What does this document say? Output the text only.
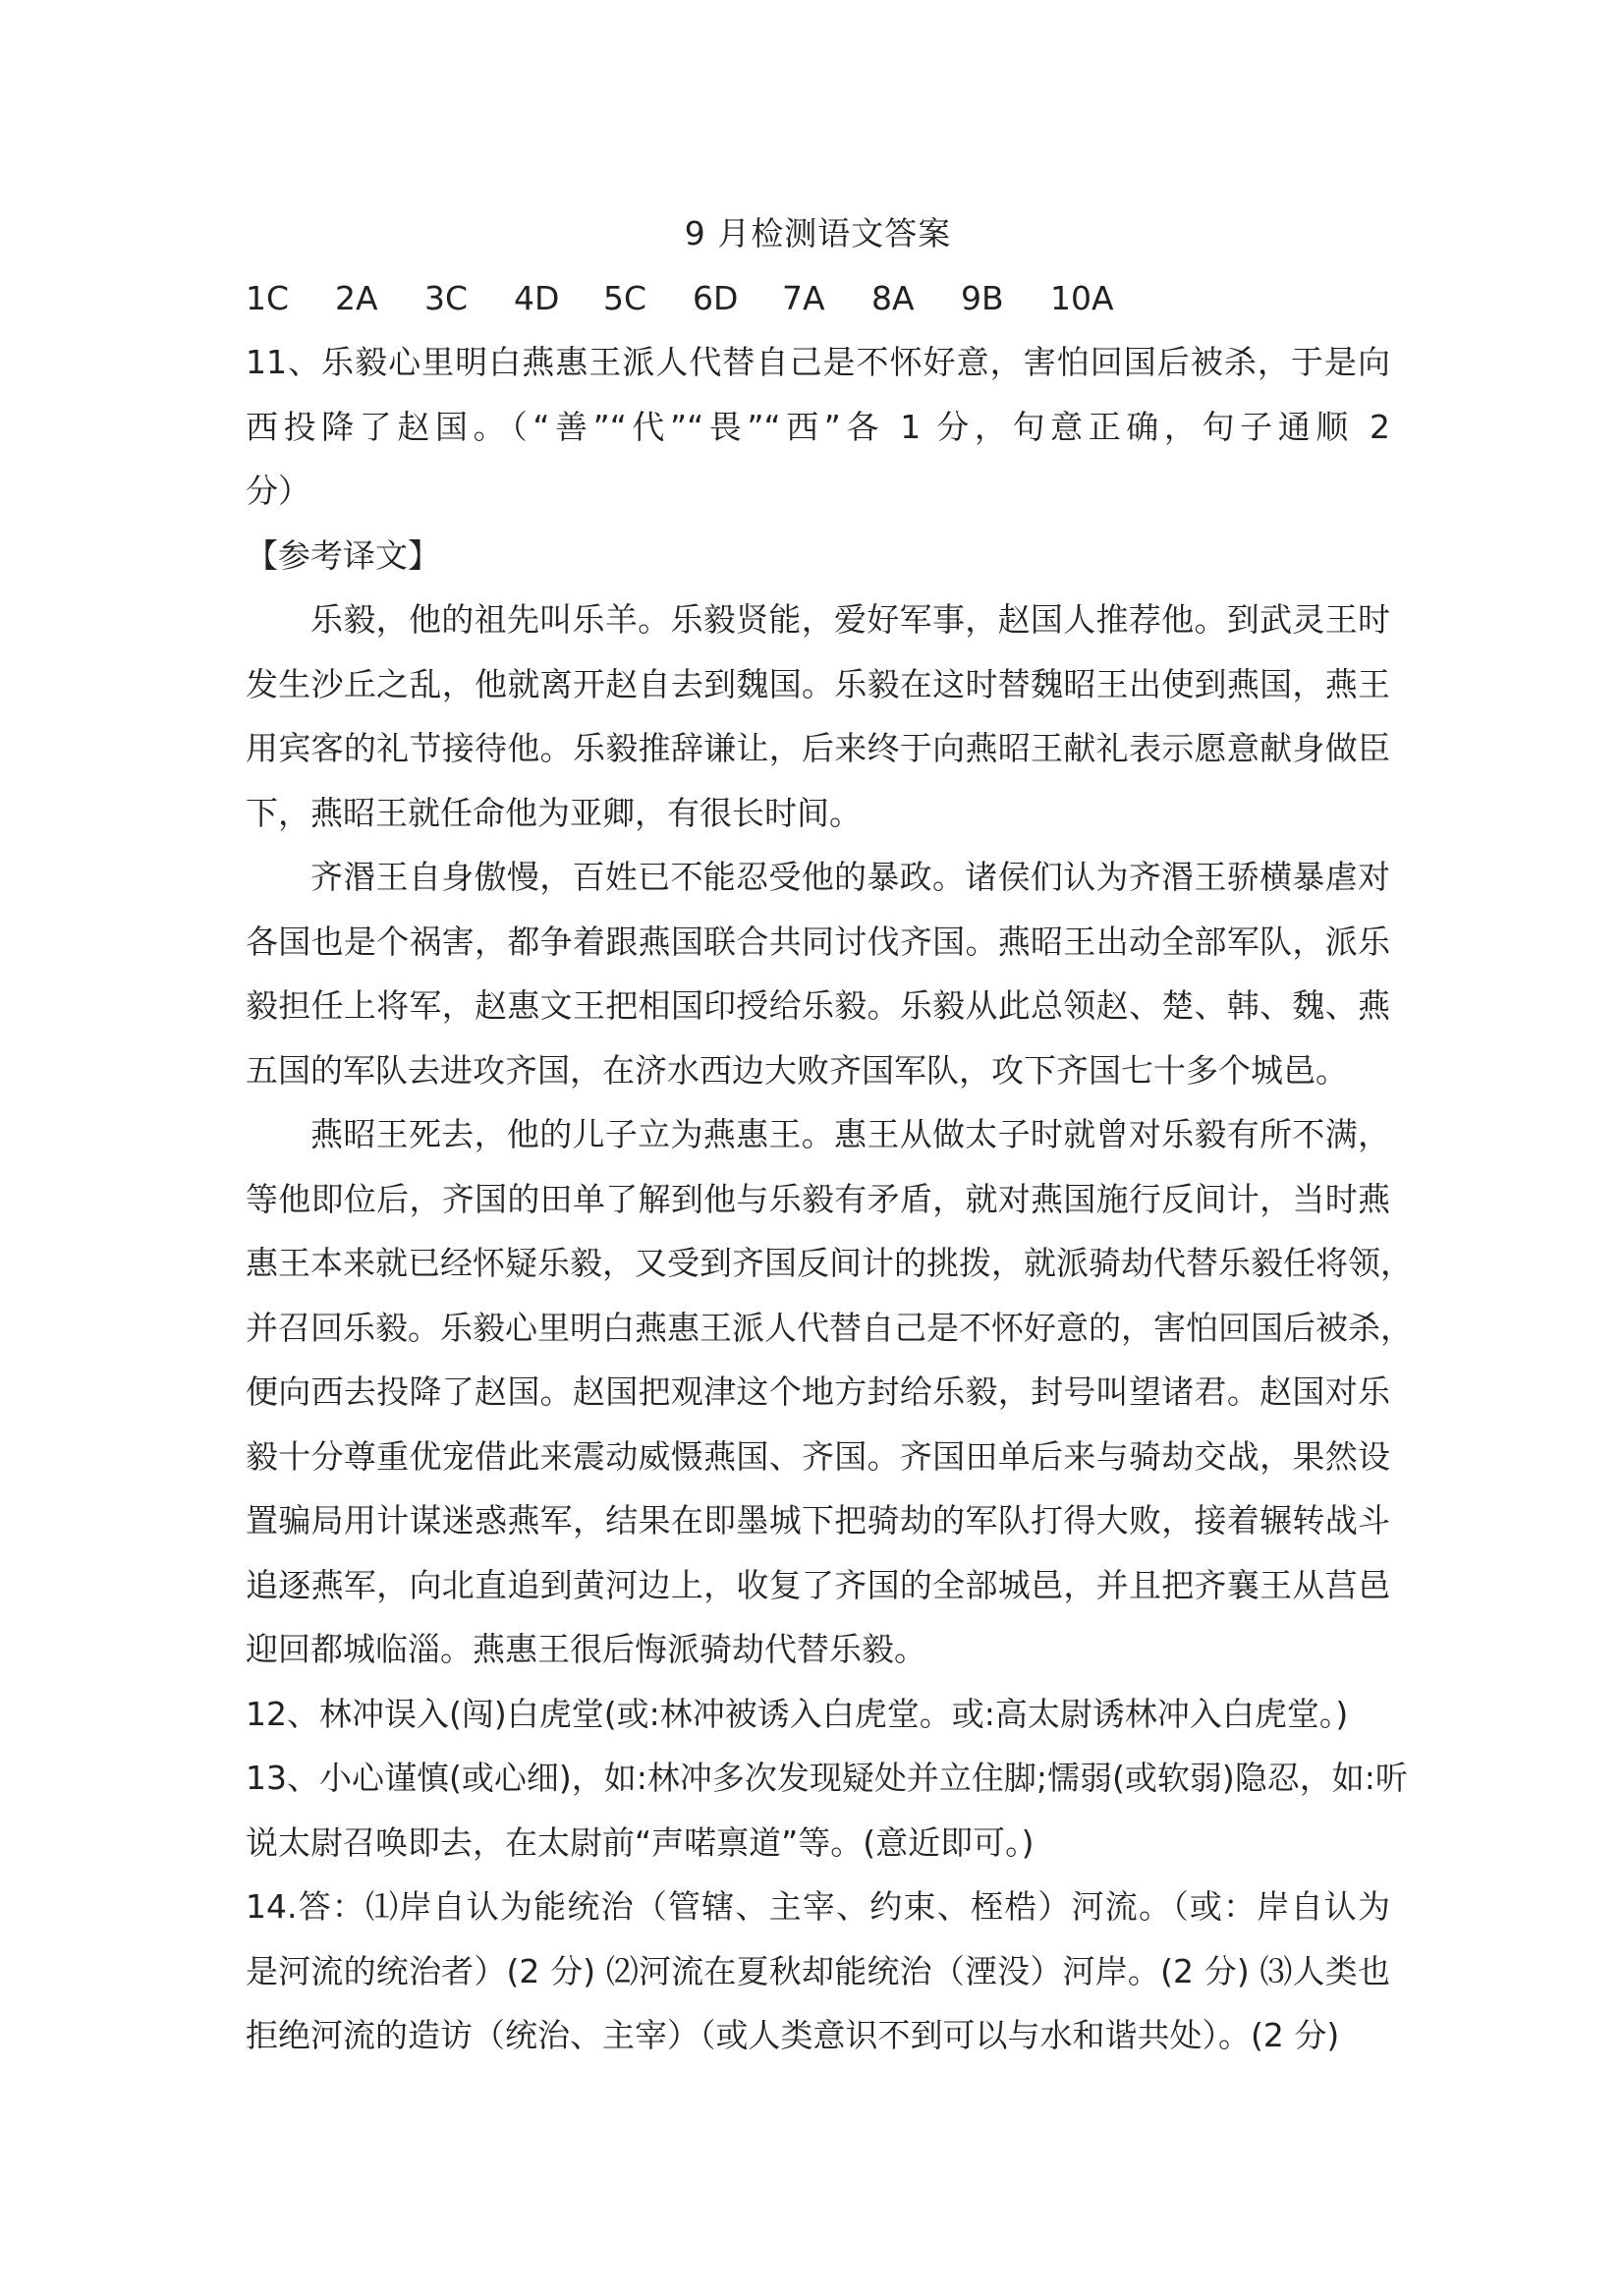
9 月检测语文答案
1C	2A	3C	4D	5C	6D	7A	8A	9B	10A
11、乐毅心里明白燕惠王派人代替自己是不怀好意，害怕回国后被杀，于是向
西投降了赵国。（“善”“代”“畏”“西”各 1 分，句意正确，句子通顺 2
分）
【参考译文】
乐毅，他的祖先叫乐羊。乐毅贤能，爱好军事，赵国人推荐他。到武灵王时
发生沙丘之乱，他就离开赵自去到魏国。乐毅在这时替魏昭王出使到燕国，燕王
用宾客的礼节接待他。乐毅推辞谦让，后来终于向燕昭王献礼表示愿意献身做臣
下，燕昭王就任命他为亚卿，有很长时间。
齐湣王自身傲慢，百姓已不能忍受他的暴政。诸侯们认为齐湣王骄横暴虐对
各国也是个祸害，都争着跟燕国联合共同讨伐齐国。燕昭王出动全部军队，派乐
毅担任上将军，赵惠文王把相国印授给乐毅。乐毅从此总领赵、楚、韩、魏、燕
五国的军队去进攻齐国，在济水西边大败齐国军队，攻下齐国七十多个城邑。
燕昭王死去，他的儿子立为燕惠王。惠王从做太子时就曾对乐毅有所不满，
等他即位后，齐国的田单了解到他与乐毅有矛盾，就对燕国施行反间计，当时燕
惠王本来就已经怀疑乐毅，又受到齐国反间计的挑拨，就派骑劫代替乐毅任将领，
并召回乐毅。乐毅心里明白燕惠王派人代替自己是不怀好意的，害怕回国后被杀，
便向西去投降了赵国。赵国把观津这个地方封给乐毅，封号叫望诸君。赵国对乐
毅十分尊重优宠借此来震动威慑燕国、齐国。齐国田单后来与骑劫交战，果然设
置骗局用计谋迷惑燕军，结果在即墨城下把骑劫的军队打得大败，接着辗转战斗
追逐燕军，向北直追到黄河边上，收复了齐国的全部城邑，并且把齐襄王从莒邑
迎回都城临淄。燕惠王很后悔派骑劫代替乐毅。
12、林冲误入(闯)白虎堂(或:林冲被诱入白虎堂。或:高太尉诱林冲入白虎堂。)
13、小心谨慎(或心细)，如:林冲多次发现疑处并立住脚;懦弱(或软弱)隐忍，如:听
说太尉召唤即去，在太尉前“声喏禀道”等。(意近即可。)
14.答：⑴岸自认为能统治（管辖、主宰、约束、桎梏）河流。（或：岸自认为
是河流的统治者）(2 分) ⑵河流在夏秋却能统治（湮没）河岸。(2 分) ⑶人类也
拒绝河流的造访（统治、主宰）（或人类意识不到可以与水和谐共处）。(2 分)
